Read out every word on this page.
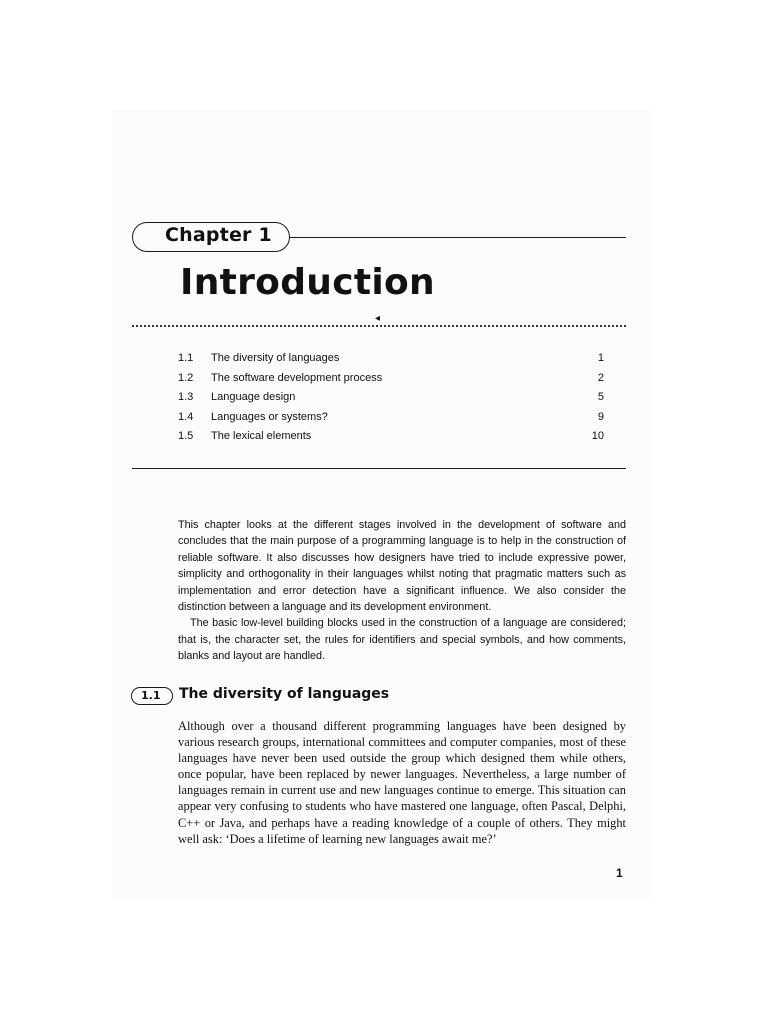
Chapter 1
Introduction
◂
1.1 The diversity of languages	1
1.2 The software development process	2
1.3 Language design	5
1.4 Languages or systems?	9
1.5 The lexical elements	10

This chapter looks at the different stages involved in the development of software and concludes that the main purpose of a programming language is to help in the construction of reliable software. It also discusses how designers have tried to include expressive power, simplicity and orthogonality in their languages whilst noting that pragmatic matters such as implementation and error detection have a significant influence. We also consider the distinction between a language and its development environment.

The basic low-level building blocks used in the construction of a language are considered; that is, the character set, the rules for identifiers and special symbols, and how comments, blanks and layout are handled.

1.1 The diversity of languages

Although over a thousand different programming languages have been designed by various research groups, international committees and computer companies, most of these languages have never been used outside the group which designed them while others, once popular, have been replaced by newer languages. Nevertheless, a large number of languages remain in current use and new languages continue to emerge. This situation can appear very confusing to students who have mastered one language, often Pascal, Delphi, C++ or Java, and perhaps have a reading knowledge of a couple of others. They might well ask: ‘Does a lifetime of learning new languages await me?’

1
